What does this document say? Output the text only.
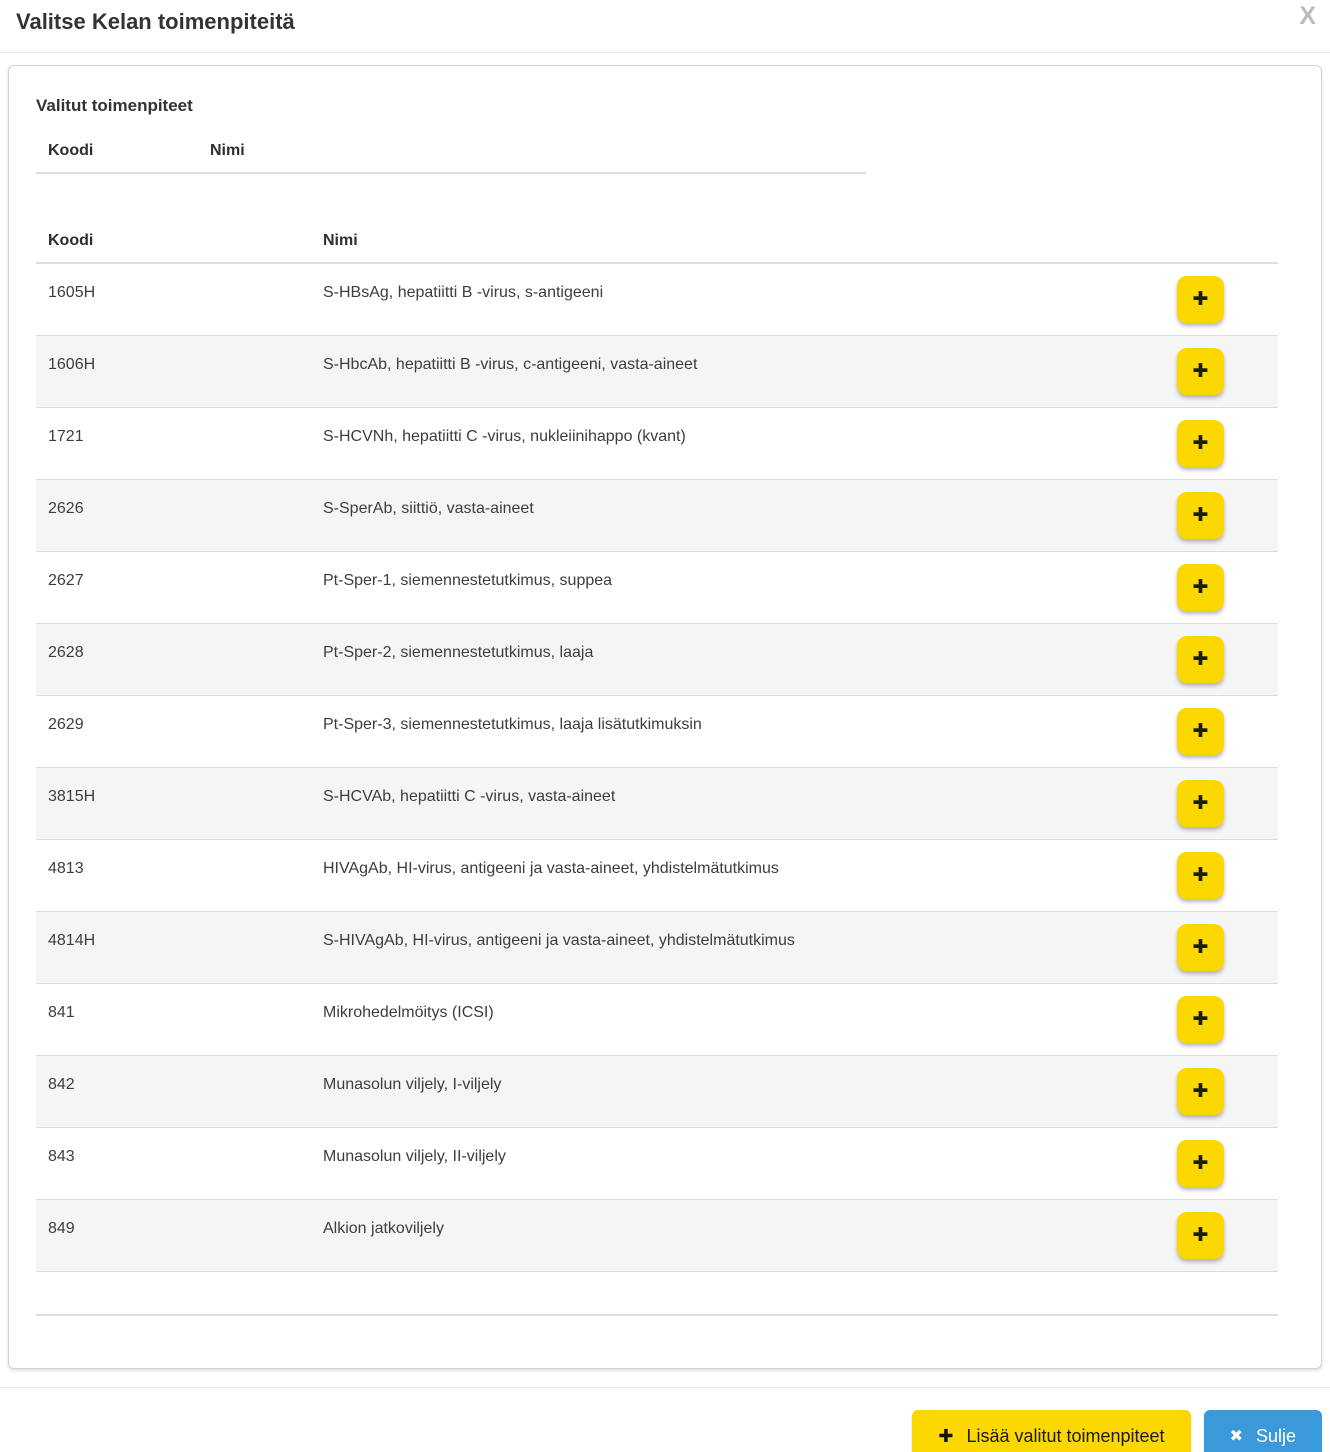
Valitse Kelan toimenpiteitä	X
Valitut toimenpiteet
Koodi	Nimi
Koodi	Nimi	
1605H	S-HBsAg, hepatiitti B -virus, s-antigeeni	✚
1606H	S-HbcAb, hepatiitti B -virus, c-antigeeni, vasta-aineet	✚
1721	S-HCVNh, hepatiitti C -virus, nukleiinihappo (kvant)	✚
2626	S-SperAb, siittiö, vasta-aineet	✚
2627	Pt-Sper-1, siemennestetutkimus, suppea	✚
2628	Pt-Sper-2, siemennestetutkimus, laaja	✚
2629	Pt-Sper-3, siemennestetutkimus, laaja lisätutkimuksin	✚
3815H	S-HCVAb, hepatiitti C -virus, vasta-aineet	✚
4813	HIVAgAb, HI-virus, antigeeni ja vasta-aineet, yhdistelmätutkimus	✚
4814H	S-HIVAgAb, HI-virus, antigeeni ja vasta-aineet, yhdistelmätutkimus	✚
841	Mikrohedelmöitys (ICSI)	✚
842	Munasolun viljely, I-viljely	✚
843	Munasolun viljely, II-viljely	✚
849	Alkion jatkoviljely	✚

✚ Lisää valitut toimenpiteet	✖ Sulje
